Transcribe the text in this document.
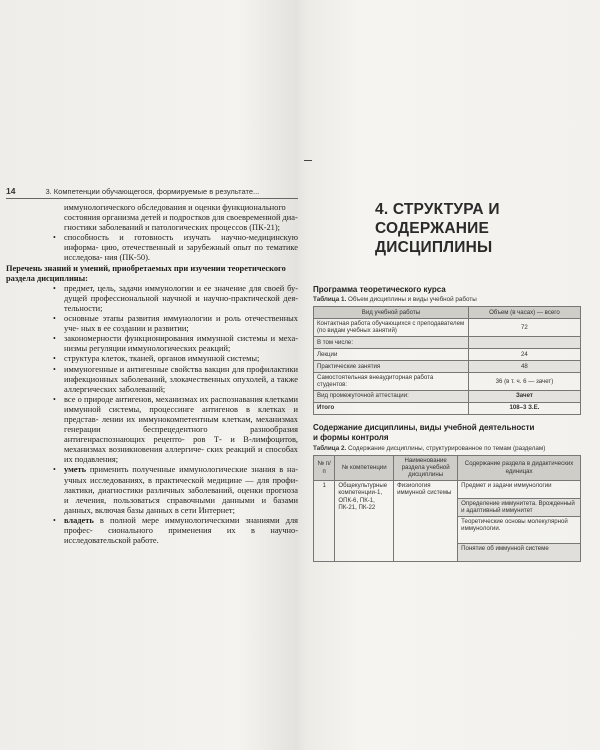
14	3. Компетенции обучающегося, формируемые в результате...

иммунологического обследования и оценки функционального

состояния организма детей и подростков для своевременной диа-

гностики заболеваний и патологических процессов (ПК-21);

• способность и готовность изучать научно-медицинскую информа- цию, отечественный и зарубежный опыт по тематике исследова- ния (ПК-50).

Перечень знаний и умений, приобретаемых при изучении теоретического

раздела дисциплины:

• предмет, цель, задачи иммунологии и ее значение для своей бу- дущей профессиональной научной и научно-практической дея- тельности;
• основные этапы развития иммунологии и роль отечественных уче- ных в ее создании и развитии;
• закономерности функционирования иммунной системы и меха- низмы регуляции иммунологических реакций;
• структура клеток, тканей, органов иммунной системы;
• иммуногенные и антигенные свойства вакцин для профилактики инфекционных заболеваний, злокачественных опухолей, а также аллергических заболеваний;
• все о природе антигенов, механизмах их распознавания клетками иммунной системы, процессинге антигенов в клетках и представ- лении их иммунокомпетентным клеткам, механизмах генерации беспрецедентного разнообразия антигенраспознающих рецепто- ров Т- и В-лимфоцитов, механизмах возникновения аллергиче- ских реакций и способах их подавления;
• уметь применить полученные иммунологические знания в на- учных исследованиях, в практической медицине — для профи- лактики, диагностики различных заболеваний, оценки прогноза и лечения, пользоваться справочными данными и базами данных, включая базы данных в сети Интернет;
• владеть в полной мере иммунологическими знаниями для профес- сионального применения их в научно-исследовательской работе.
4. СТРУКТУРА И СОДЕРЖАНИЕ
ДИСЦИПЛИНЫ
Программа теоретического курса
Таблица 1. Объем дисциплины и виды учебной работы
Вид учебной работы	Объем (в часах) — всего
Контактная работа обучающихся с преподавателем (по видам учебных занятий)	72
В том числе:	
Лекции	24
Практические занятия	48
Самостоятельная внеаудиторная работа студентов:	36 (в т. ч. 6 — зачет)
Вид промежуточной аттестации:	Зачет
Итого	108–3 З.Е.
Содержание дисциплины, виды учебной деятельности
и формы контроля
Таблица 2. Содержание дисциплины, структурированное по темам (разделам)
№ п/п	№ компетенции	Наименование раздела учебной дисциплины	Содержание раздела в дидактических единицах
1	Общекультурные компетенции-1, ОПК-6, ПК-1, ПК-21, ПК-22	Физиология иммунной системы	Предмет и задачи иммунологии
			Определение иммунитета. Врожденный и адаптивный иммунитет
			Теоретические основы молекулярной иммунологии.
			Понятие об иммунной системе
